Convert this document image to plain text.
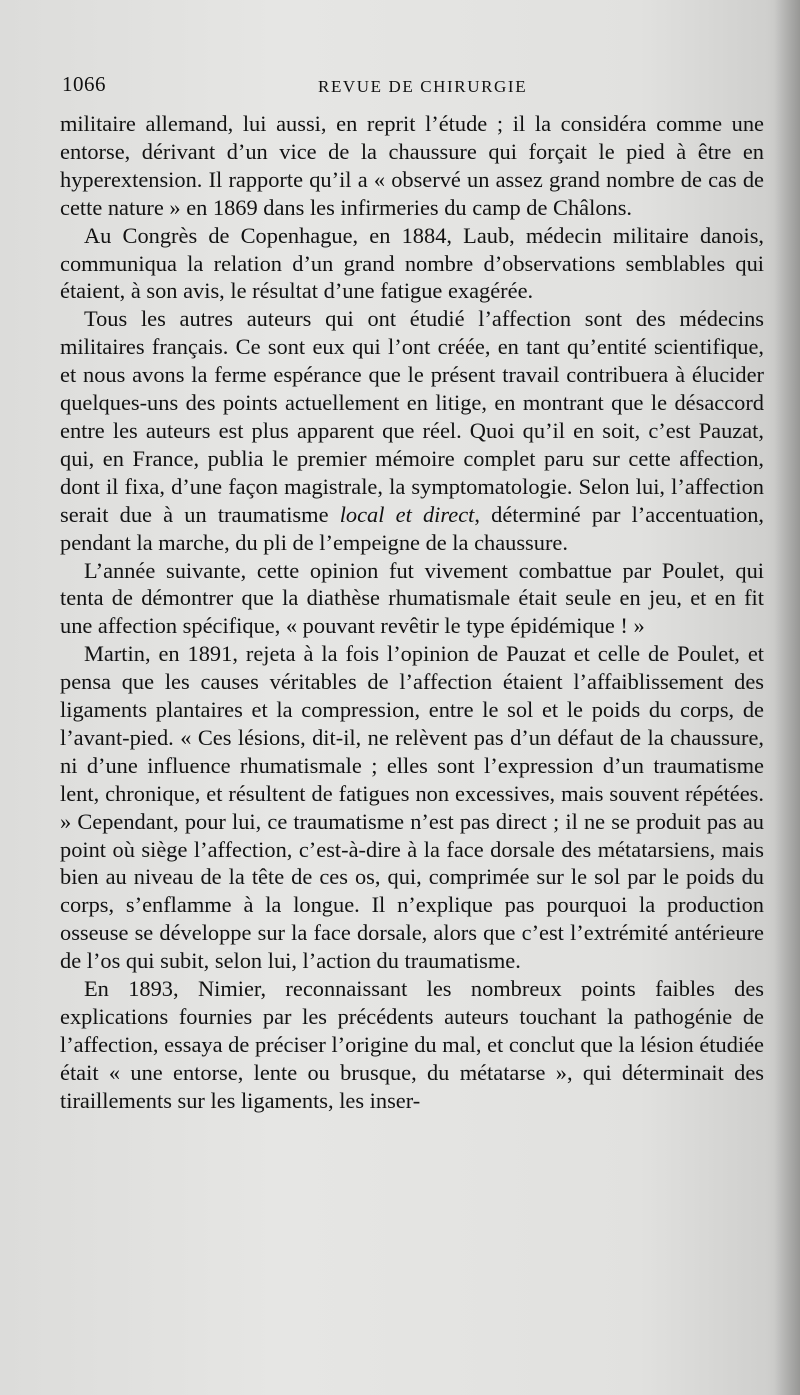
1066	REVUE DE CHIRURGIE

militaire allemand, lui aussi, en reprit l’étude ; il la considéra comme une entorse, dérivant d’un vice de la chaussure qui forçait le pied à être en hyperextension. Il rapporte qu’il a « observé un assez grand nombre de cas de cette nature » en 1869 dans les infirmeries du camp de Châlons.

Au Congrès de Copenhague, en 1884, Laub, médecin militaire danois, communiqua la relation d’un grand nombre d’observations semblables qui étaient, à son avis, le résultat d’une fatigue exagérée.

Tous les autres auteurs qui ont étudié l’affection sont des médecins militaires français. Ce sont eux qui l’ont créée, en tant qu’entité scientifique, et nous avons la ferme espérance que le présent travail contribuera à élucider quelques-uns des points actuellement en litige, en montrant que le désaccord entre les auteurs est plus apparent que réel. Quoi qu’il en soit, c’est Pauzat, qui, en France, publia le premier mémoire complet paru sur cette affection, dont il fixa, d’une façon magistrale, la symptomatologie. Selon lui, l’affection serait due à un traumatisme local et direct, déterminé par l’accentuation, pendant la marche, du pli de l’empeigne de la chaussure.

L’année suivante, cette opinion fut vivement combattue par Poulet, qui tenta de démontrer que la diathèse rhumatismale était seule en jeu, et en fit une affection spécifique, « pouvant revêtir le type épidémique ! »

Martin, en 1891, rejeta à la fois l’opinion de Pauzat et celle de Poulet, et pensa que les causes véritables de l’affection étaient l’affaiblissement des ligaments plantaires et la compression, entre le sol et le poids du corps, de l’avant-pied. « Ces lésions, dit-il, ne relèvent pas d’un défaut de la chaussure, ni d’une influence rhumatismale ; elles sont l’expression d’un traumatisme lent, chronique, et résultent de fatigues non excessives, mais souvent répétées. » Cependant, pour lui, ce traumatisme n’est pas direct ; il ne se produit pas au point où siège l’affection, c’est-à-dire à la face dorsale des métatarsiens, mais bien au niveau de la tête de ces os, qui, comprimée sur le sol par le poids du corps, s’enflamme à la longue. Il n’explique pas pourquoi la production osseuse se développe sur la face dorsale, alors que c’est l’extrémité antérieure de l’os qui subit, selon lui, l’action du traumatisme.

En 1893, Nimier, reconnaissant les nombreux points faibles des explications fournies par les précédents auteurs touchant la pathogénie de l’affection, essaya de préciser l’origine du mal, et conclut que la lésion étudiée était « une entorse, lente ou brusque, du métatarse », qui déterminait des tiraillements sur les ligaments, les inser-
